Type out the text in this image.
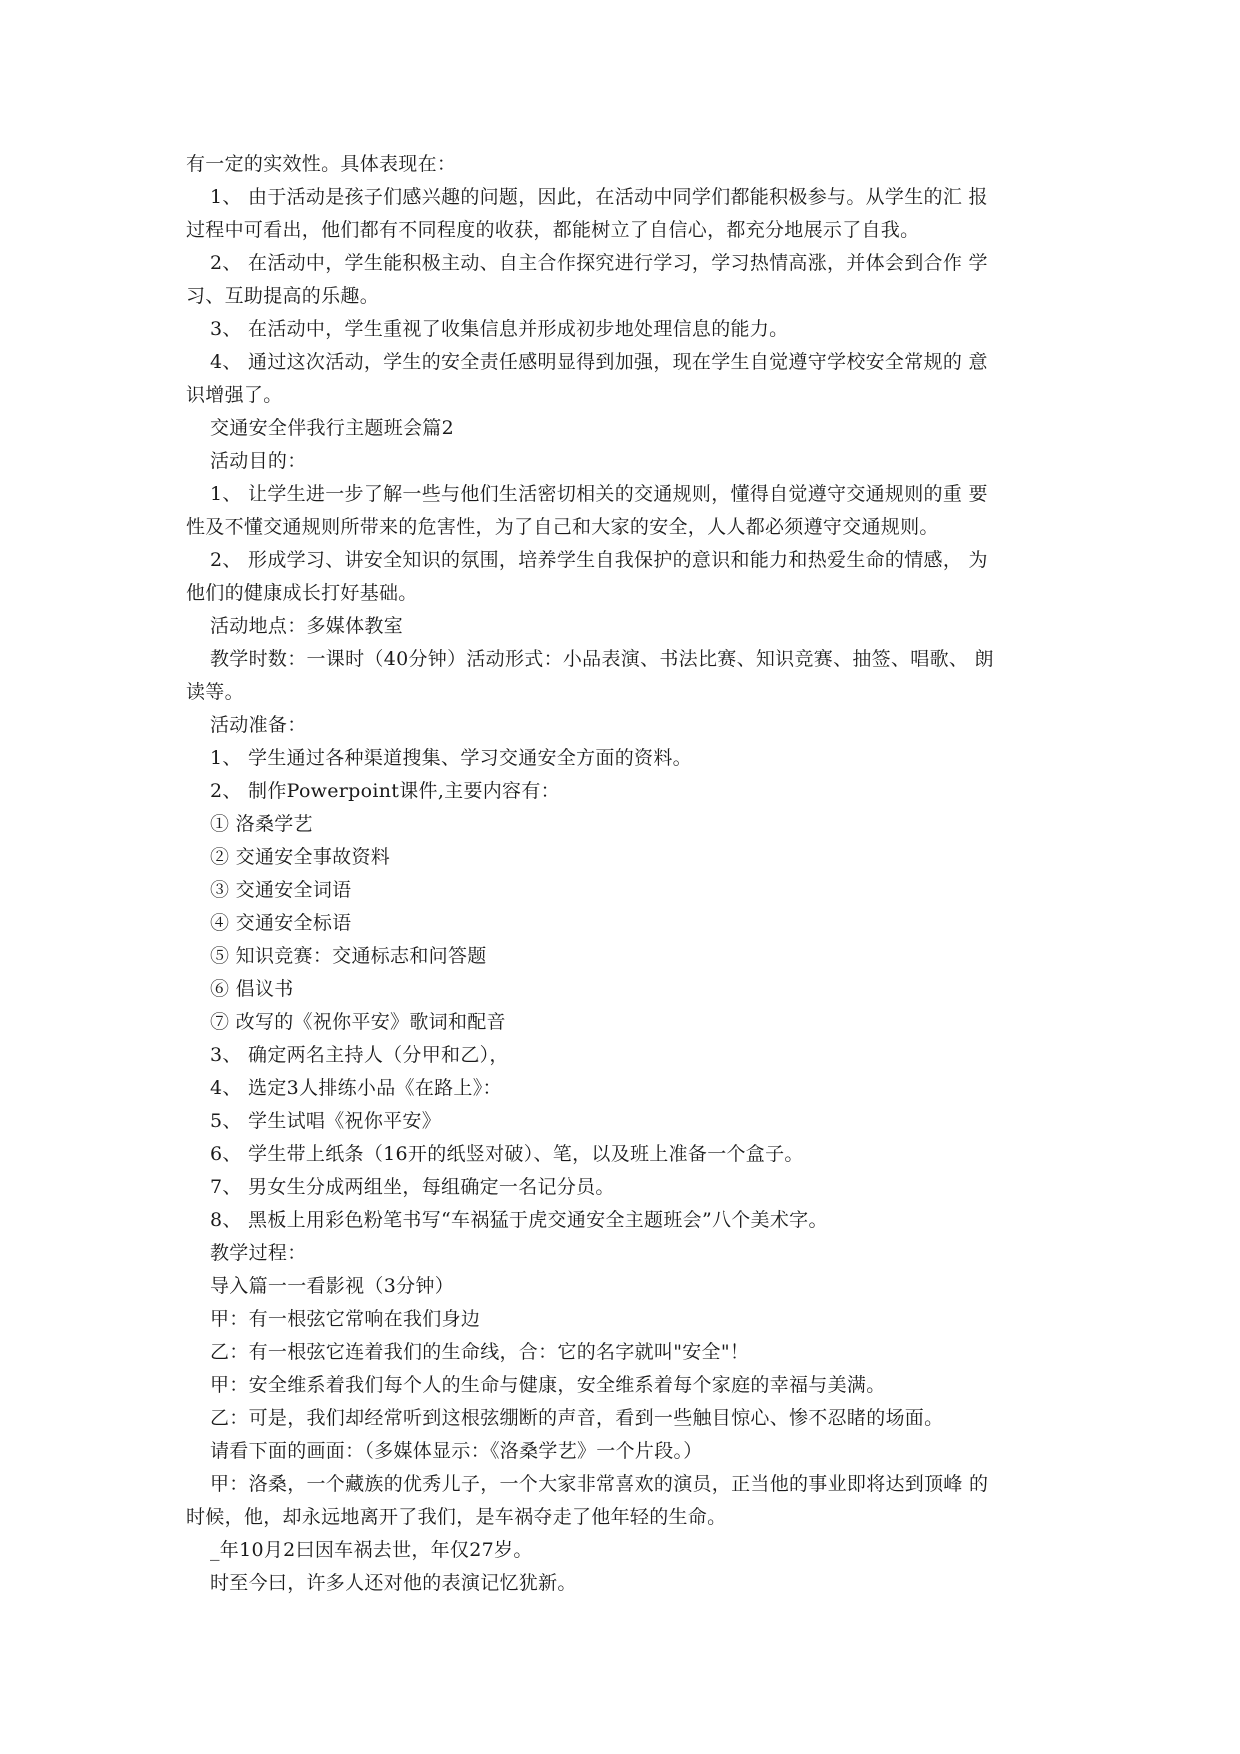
有一定的实效性。具体表现在：
1、 由于活动是孩子们感兴趣的问题，因此，在活动中同学们都能积极参与。从学生的汇 报
过程中可看出，他们都有不同程度的收获，都能树立了自信心，都充分地展示了自我。
2、 在活动中，学生能积极主动、自主合作探究进行学习，学习热情高涨，并体会到合作 学
习、互助提高的乐趣。
3、 在活动中，学生重视了收集信息并形成初步地处理信息的能力。
4、 通过这次活动，学生的安全责任感明显得到加强，现在学生自觉遵守学校安全常规的 意
识增强了。
交通安全伴我行主题班会篇2
活动目的：
1、 让学生进一步了解一些与他们生活密切相关的交通规则，懂得自觉遵守交通规则的重 要
性及不懂交通规则所带来的危害性，为了自己和大家的安全，人人都必须遵守交通规则。
2、 形成学习、讲安全知识的氛围，培养学生自我保护的意识和能力和热爱生命的情感， 为
他们的健康成长打好基础。
活动地点：多媒体教室
教学时数：一课时（40分钟）活动形式：小品表演、书法比赛、知识竞赛、抽签、唱歌、 朗
读等。
活动准备：
1、 学生通过各种渠道搜集、学习交通安全方面的资料。
2、 制作Powerpoint课件,主要内容有：
① 洛桑学艺
② 交通安全事故资料
③ 交通安全词语
④ 交通安全标语
⑤ 知识竞赛：交通标志和问答题
⑥ 倡议书
⑦ 改写的《祝你平安》歌词和配音
3、 确定两名主持人（分甲和乙），
4、 选定3人排练小品《在路上》：
5、 学生试唱《祝你平安》
6、 学生带上纸条（16开的纸竖对破）、笔，以及班上准备一个盒子。
7、 男女生分成两组坐，每组确定一名记分员。
8、 黑板上用彩色粉笔书写“车祸猛于虎交通安全主题班会”八个美术字。
教学过程：
导入篇一一看影视（3分钟）
甲：有一根弦它常响在我们身边
乙：有一根弦它连着我们的生命线，合：它的名字就叫"安全"！
甲：安全维系着我们每个人的生命与健康，安全维系着每个家庭的幸福与美满。
乙：可是，我们却经常听到这根弦绷断的声音，看到一些触目惊心、惨不忍睹的场面。
请看下面的画面：（多媒体显示：《洛桑学艺》一个片段。）
甲：洛桑，一个藏族的优秀儿子，一个大家非常喜欢的演员，正当他的事业即将达到顶峰 的
时候，他，却永远地离开了我们，是车祸夺走了他年轻的生命。
_年10月2曰因车祸去世，年仅27岁。
时至今曰，许多人还对他的表演记忆犹新。
